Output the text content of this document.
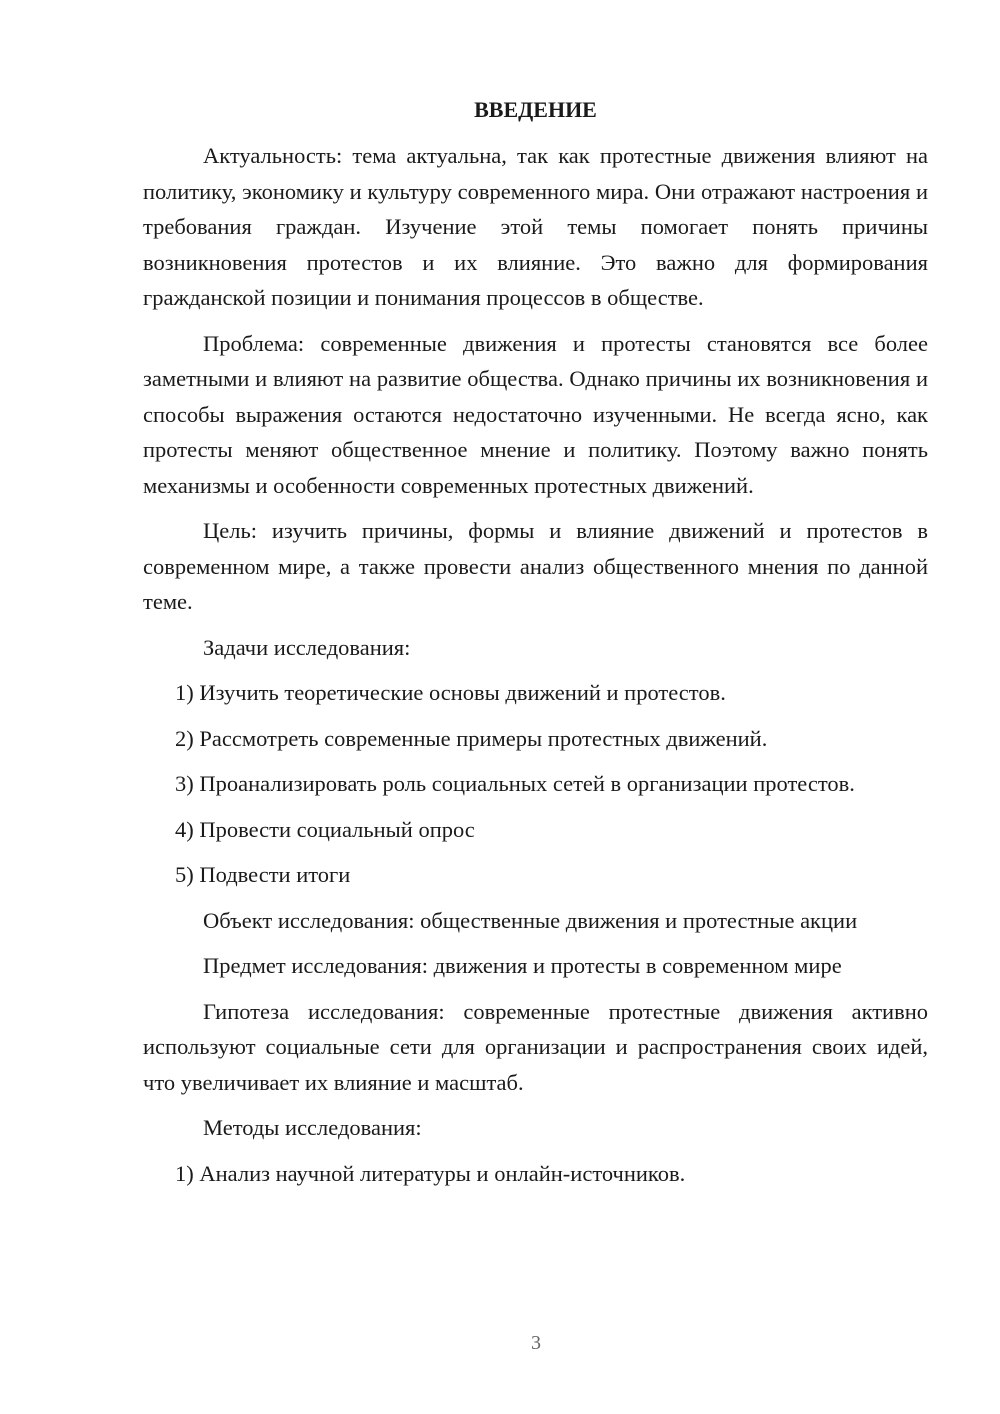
ВВЕДЕНИЕ
Актуальность: тема актуальна, так как протестные движения влияют на политику, экономику и культуру современного мира. Они отражают настроения и требования граждан. Изучение этой темы помогает понять причины возникновения протестов и их влияние. Это важно для формирования гражданской позиции и понимания процессов в обществе.
Проблема: современные движения и протесты становятся все более заметными и влияют на развитие общества. Однако причины их возникновения и способы выражения остаются недостаточно изученными. Не всегда ясно, как протесты меняют общественное мнение и политику. Поэтому важно понять механизмы и особенности современных протестных движений.
Цель: изучить причины, формы и влияние движений и протестов в современном мире, а также провести анализ общественного мнения по данной теме.
Задачи исследования:
1) Изучить теоретические основы движений и протестов.
2) Рассмотреть современные примеры протестных движений.
3) Проанализировать роль социальных сетей в организации протестов.
4) Провести социальный опрос
5) Подвести итоги
Объект исследования: общественные движения и протестные акции
Предмет исследования: движения и протесты в современном мире
Гипотеза исследования: современные протестные движения активно используют социальные сети для организации и распространения своих идей, что увеличивает их влияние и масштаб.
Методы исследования:
1) Анализ научной литературы и онлайн-источников.
3
